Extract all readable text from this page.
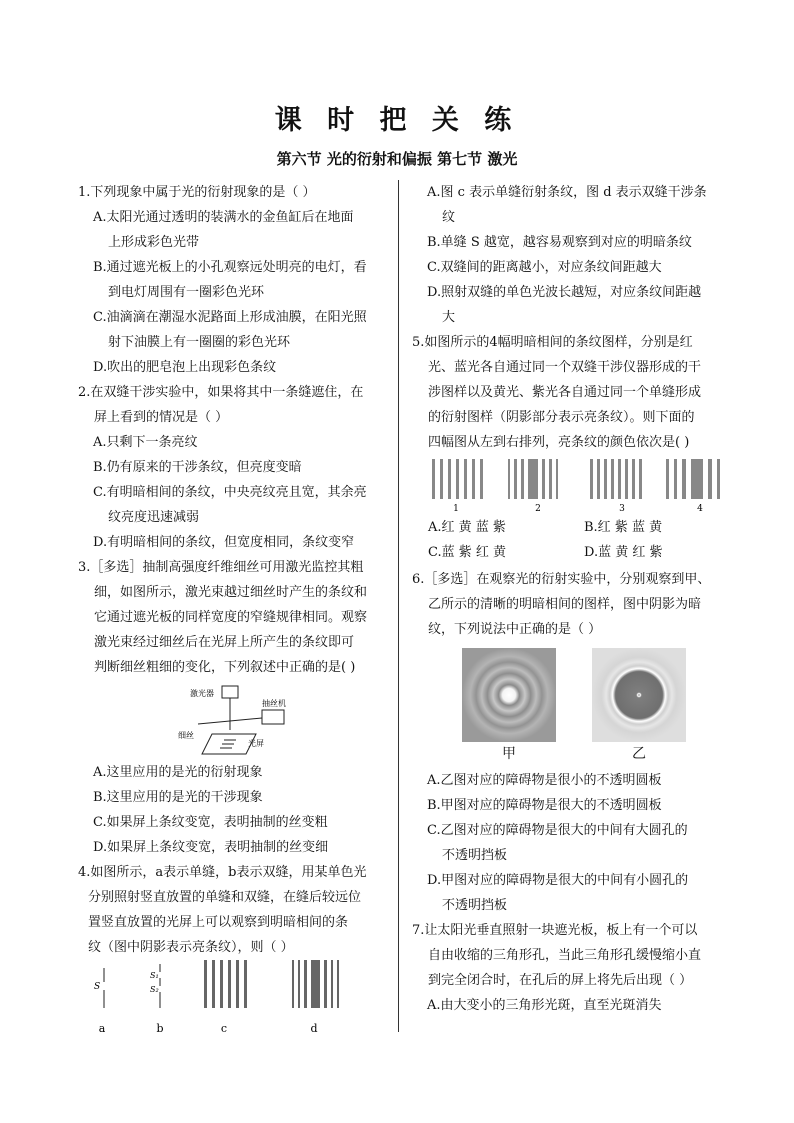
课 时 把 关 练
第六节 光的衍射和偏振 第七节 激光

1.下列现象中属于光的衍射现象的是（ ）

A.太阳光通过透明的装满水的金鱼缸后在地面

上形成彩色光带

B.通过遮光板上的小孔观察远处明亮的电灯，看

到电灯周围有一圈彩色光环

C.油滴滴在潮湿水泥路面上形成油膜，在阳光照

射下油膜上有一圈圈的彩色光环

D.吹出的肥皂泡上出现彩色条纹

2.在双缝干涉实验中，如果将其中一条缝遮住，在

屏上看到的情况是（ ）

A.只剩下一条亮纹

B.仍有原来的干涉条纹，但亮度变暗

C.有明暗相间的条纹，中央亮纹亮且宽，其余亮

纹亮度迅速减弱

D.有明暗相间的条纹，但宽度相同，条纹变窄

3.［多选］抽制高强度纤维细丝可用激光监控其粗

细，如图所示，激光束越过细丝时产生的条纹和

它通过遮光板的同样宽度的窄缝规律相同。观察

激光束经过细丝后在光屏上所产生的条纹即可

判断细丝粗细的变化，下列叙述中正确的是( )

激光器
抽丝机
细丝
光屏

A.这里应用的是光的衍射现象

B.这里应用的是光的干涉现象

C.如果屏上条纹变宽，表明抽制的丝变粗

D.如果屏上条纹变宽，表明抽制的丝变细

4.如图所示，a表示单缝，b表示双缝，用某单色光

分别照射竖直放置的单缝和双缝，在缝后较远位

置竖直放置的光屏上可以观察到明暗相间的条

纹（图中阴影表示亮条纹），则（ ）

S
a
S₁
S₂
b	c	d

A.图 c 表示单缝衍射条纹，图 d 表示双缝干涉条

纹

B.单缝 S 越宽，越容易观察到对应的明暗条纹

C.双缝间的距离越小，对应条纹间距越大

D.照射双缝的单色光波长越短，对应条纹间距越

大

5.如图所示的4幅明暗相间的条纹图样，分别是红

光、蓝光各自通过同一个双缝干涉仪器形成的干

涉图样以及黄光、紫光各自通过同一个单缝形成

的衍射图样（阴影部分表示亮条纹）。则下面的

四幅图从左到右排列，亮条纹的颜色依次是( )

1	2	3	4
A.红 黄 蓝 紫	B.红 紫 蓝 黄
C.蓝 紫 红 黄	D.蓝 黄 红 紫

6.［多选］在观察光的衍射实验中，分别观察到甲、

乙所示的清晰的明暗相间的图样，图中阴影为暗

纹，下列说法中正确的是（ ）

甲	乙

A.乙图对应的障碍物是很小的不透明圆板

B.甲图对应的障碍物是很大的不透明圆板

C.乙图对应的障碍物是很大的中间有大圆孔的

不透明挡板

D.甲图对应的障碍物是很大的中间有小圆孔的

不透明挡板

7.让太阳光垂直照射一块遮光板，板上有一个可以

自由收缩的三角形孔，当此三角形孔缓慢缩小直

到完全闭合时，在孔后的屏上将先后出现（ ）

A.由大变小的三角形光斑，直至光斑消失
